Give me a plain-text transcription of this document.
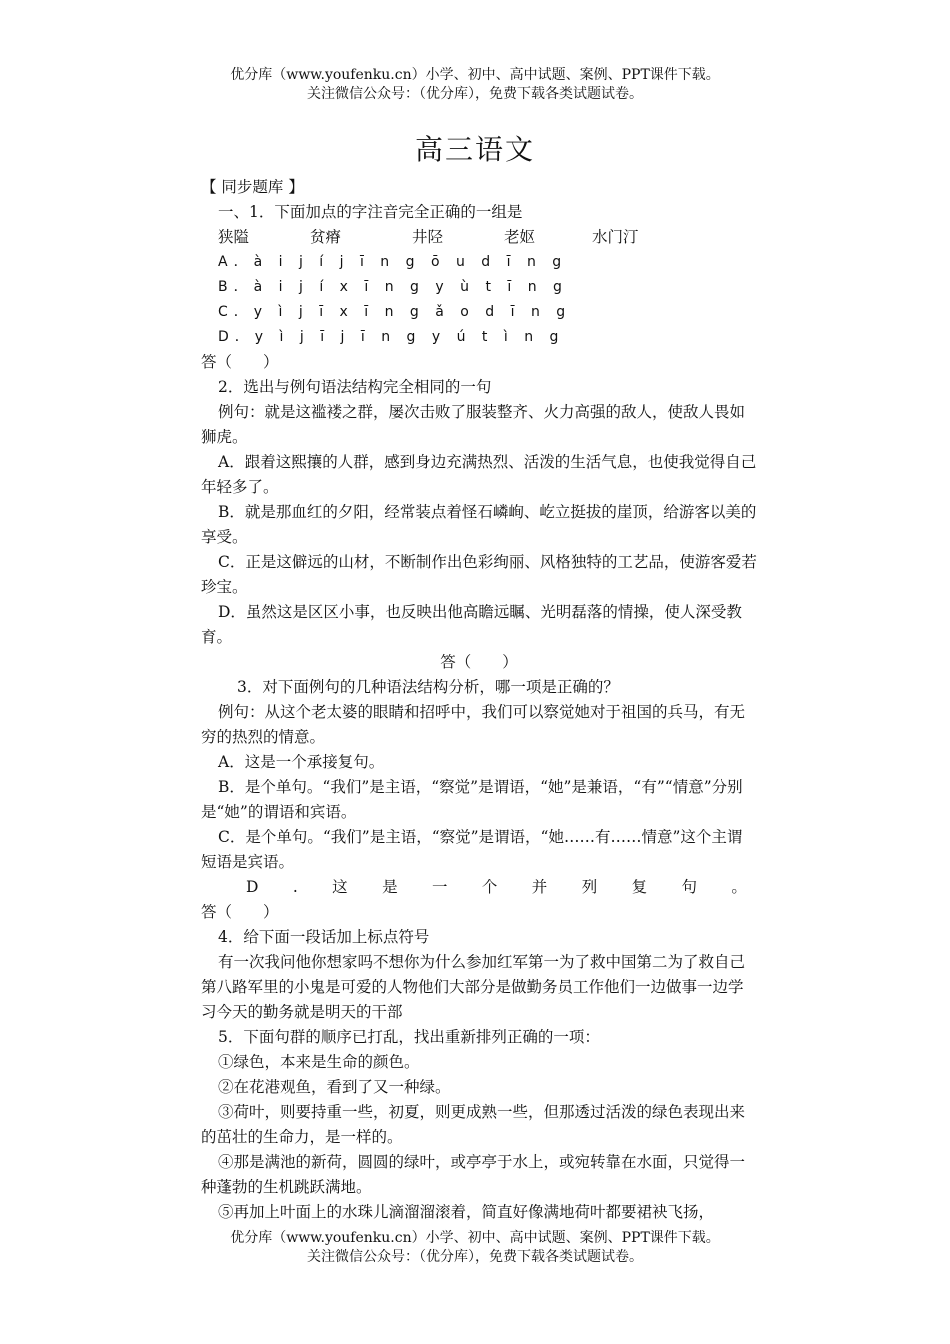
优分库（www.youfenku.cn）小学、初中、高中试题、案例、PPT课件下载。
关注微信公众号：（优分库），免费下载各类试题试卷。
高三语文
【 同步题库 】
一、1．下面加点的字注音完全正确的一组是
狭隘	贫瘠	井陉	老妪	水门汀
A．à i j í j ī n g ō u d ī n g
B．à i j í x ī n g y ù t ī n g
C．y ì j ī x ī n g ǎ o d ī n g
D．y ì j ī j ī n g y ú t ì n g
答（　　）
2．选出与例句语法结构完全相同的一句
例句：就是这褴褛之群，屡次击败了服装整齐、火力高强的敌人，使敌人畏如狮虎。
A．跟着这熙攘的人群，感到身边充满热烈、活泼的生活气息，也使我觉得自己年轻多了。
B．就是那血红的夕阳，经常装点着怪石嶙峋、屹立挺拔的崖顶，给游客以美的享受。
C．正是这僻远的山材，不断制作出色彩绚丽、风格独特的工艺品，使游客爱若珍宝。
D．虽然这是区区小事，也反映出他高瞻远瞩、光明磊落的情操，使人深受教育。
答（　　）
3．对下面例句的几种语法结构分析，哪一项是正确的？
例句：从这个老太婆的眼睛和招呼中，我们可以察觉她对于祖国的兵马，有无穷的热烈的情意。
A．这是一个承接复句。
B．是个单句。“我们”是主语，“察觉”是谓语，“她”是兼语，“有”“情意”分别是“她”的谓语和宾语。
C．是个单句。“我们”是主语，“察觉”是谓语，“她……有……情意”这个主谓短语是宾语。
D . 这 是 一 个 并 列 复 句 。
答（　　）
4．给下面一段话加上标点符号
有一次我问他你想家吗不想你为什么参加红军第一为了救中国第二为了救自己第八路军里的小鬼是可爱的人物他们大部分是做勤务员工作他们一边做事一边学习今天的勤务就是明天的干部
5．下面句群的顺序已打乱，找出重新排列正确的一项：
①绿色，本来是生命的颜色。
②在花港观鱼，看到了又一种绿。
③荷叶，则要持重一些，初夏，则更成熟一些，但那透过活泼的绿色表现出来的茁壮的生命力，是一样的。
④那是满池的新荷，圆圆的绿叶，或亭亭于水上，或宛转靠在水面，只觉得一种蓬勃的生机跳跃满地。
⑤再加上叶面上的水珠儿滴溜溜滚着，简直好像满地荷叶都要裙袂飞扬，
优分库（www.youfenku.cn）小学、初中、高中试题、案例、PPT课件下载。
关注微信公众号：（优分库），免费下载各类试题试卷。
